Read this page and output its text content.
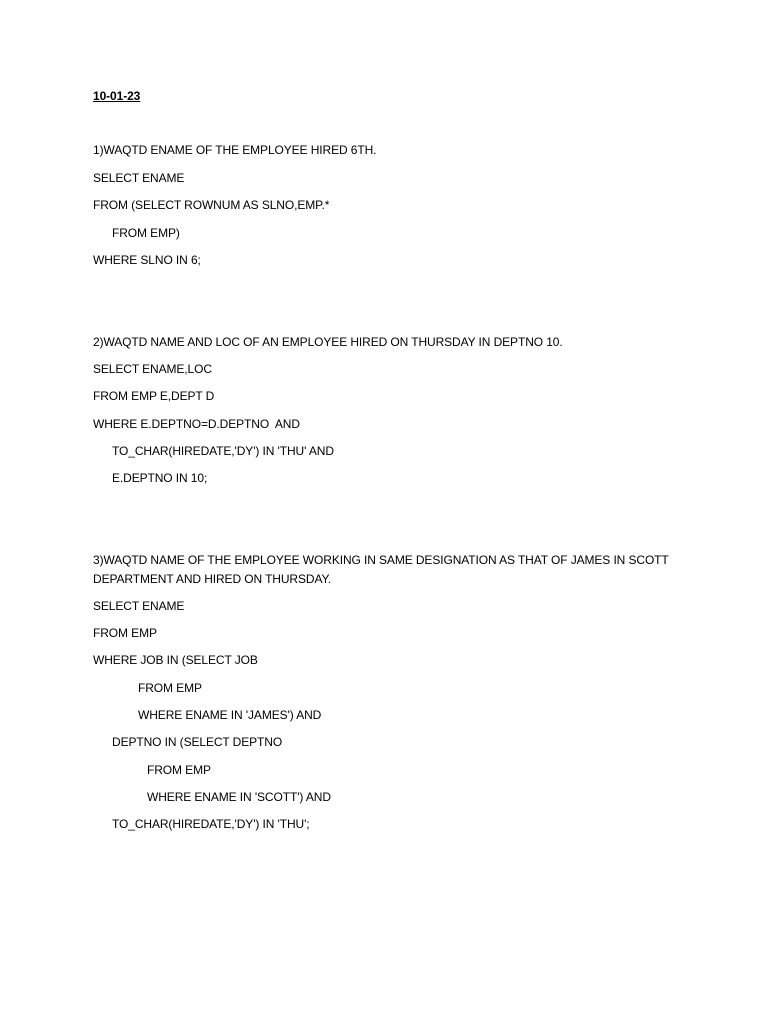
10-01-23
1)WAQTD ENAME OF THE EMPLOYEE HIRED 6TH.
SELECT ENAME
FROM (SELECT ROWNUM AS SLNO,EMP.*
FROM EMP)
WHERE SLNO IN 6;
2)WAQTD NAME AND LOC OF AN EMPLOYEE HIRED ON THURSDAY IN DEPTNO 10.
SELECT ENAME,LOC
FROM EMP E,DEPT D
WHERE E.DEPTNO=D.DEPTNO  AND
TO_CHAR(HIREDATE,'DY') IN 'THU' AND
E.DEPTNO IN 10;
3)WAQTD NAME OF THE EMPLOYEE WORKING IN SAME DESIGNATION AS THAT OF JAMES IN SCOTT
DEPARTMENT AND HIRED ON THURSDAY.
SELECT ENAME
FROM EMP
WHERE JOB IN (SELECT JOB
FROM EMP
WHERE ENAME IN 'JAMES') AND
DEPTNO IN (SELECT DEPTNO
FROM EMP
WHERE ENAME IN 'SCOTT') AND
TO_CHAR(HIREDATE,'DY') IN 'THU';
